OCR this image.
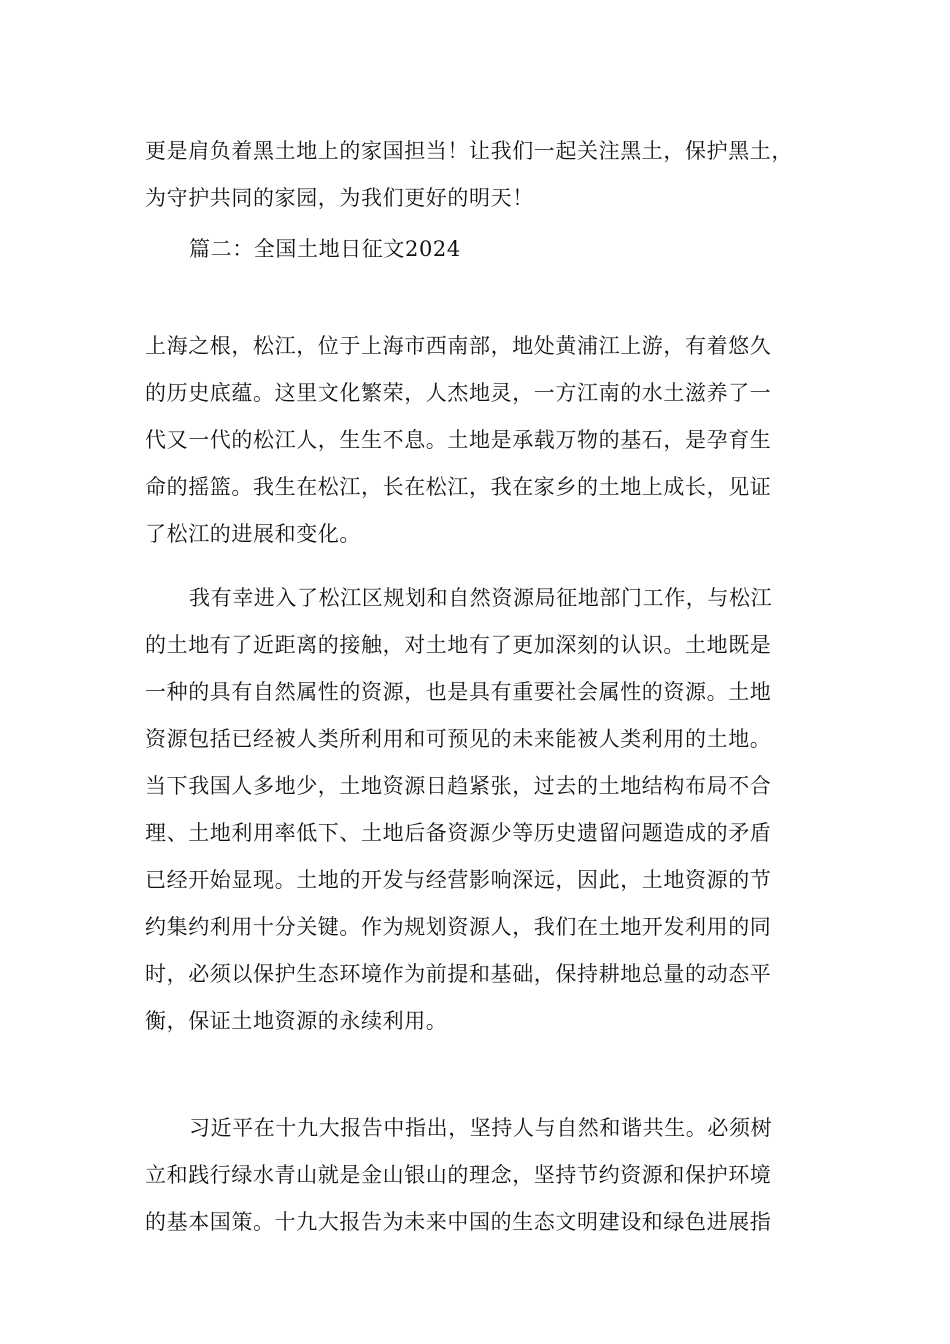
更是肩负着黑土地上的家国担当！让我们一起关注黑土，保护黑土，
为守护共同的家园，为我们更好的明天！
篇二：全国土地日征文2024
上海之根，松江，位于上海市西南部，地处黄浦江上游，有着悠久
的历史底蕴。这里文化繁荣，人杰地灵，一方江南的水土滋养了一
代又一代的松江人，生生不息。土地是承载万物的基石，是孕育生
命的摇篮。我生在松江，长在松江，我在家乡的土地上成长，见证
了松江的进展和变化。
我有幸进入了松江区规划和自然资源局征地部门工作，与松江
的土地有了近距离的接触，对土地有了更加深刻的认识。土地既是
一种的具有自然属性的资源，也是具有重要社会属性的资源。土地
资源包括已经被人类所利用和可预见的未来能被人类利用的土地。
当下我国人多地少，土地资源日趋紧张，过去的土地结构布局不合
理、土地利用率低下、土地后备资源少等历史遗留问题造成的矛盾
已经开始显现。土地的开发与经营影响深远，因此，土地资源的节
约集约利用十分关键。作为规划资源人，我们在土地开发利用的同
时，必须以保护生态环境作为前提和基础，保持耕地总量的动态平
衡，保证土地资源的永续利用。
习近平在十九大报告中指出，坚持人与自然和谐共生。必须树
立和践行绿水青山就是金山银山的理念，坚持节约资源和保护环境
的基本国策。十九大报告为未来中国的生态文明建设和绿色进展指
